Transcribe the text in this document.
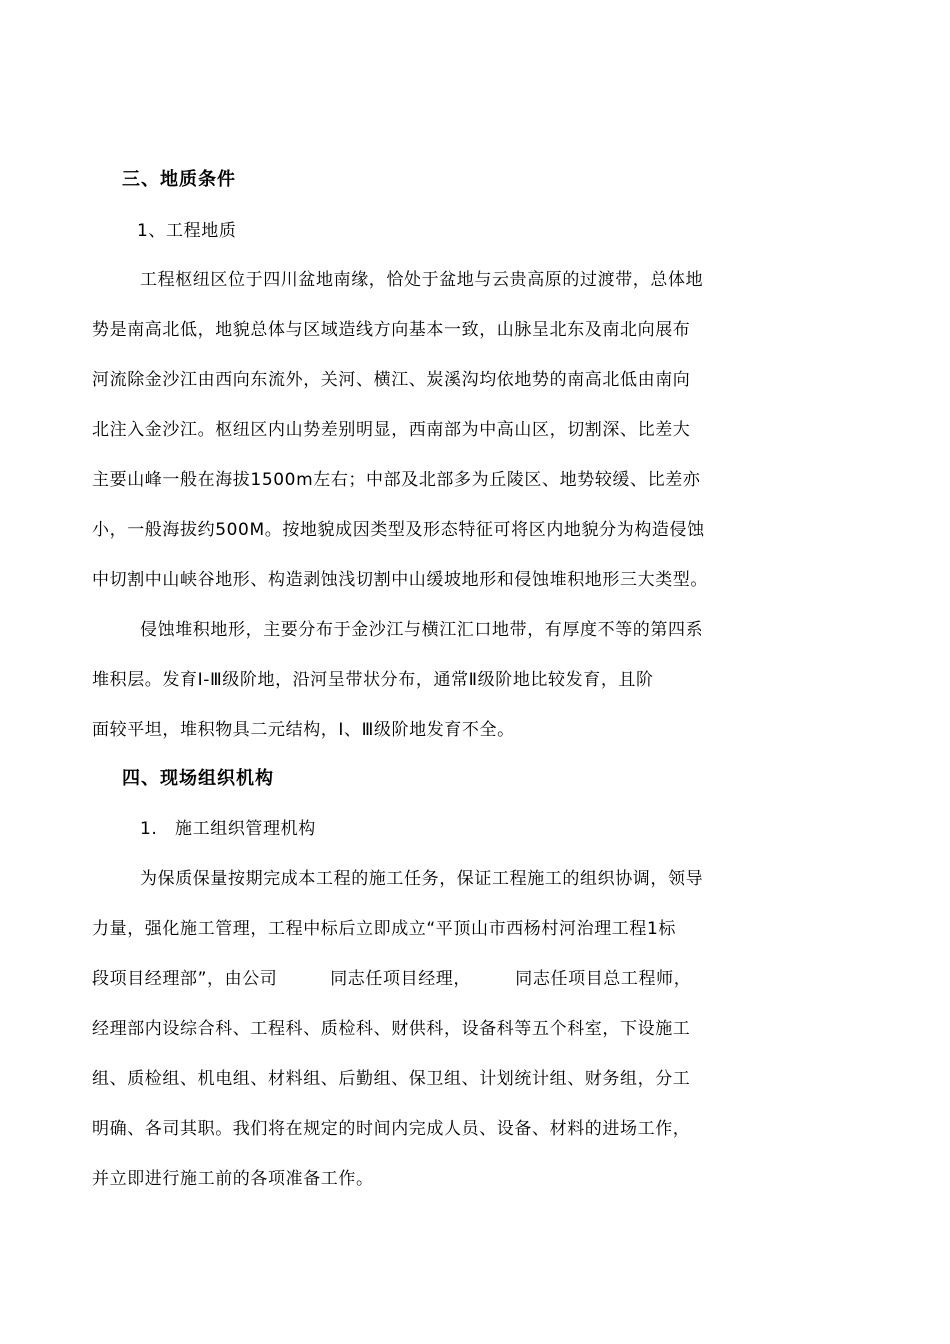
三、地质条件
1、工程地质
工程枢纽区位于四川盆地南缘，恰处于盆地与云贵高原的过渡带，总体地
势是南高北低，地貌总体与区域造线方向基本一致，山脉呈北东及南北向展布
河流除金沙江由西向东流外，关河、横江、炭溪沟均依地势的南高北低由南向
北注入金沙江。枢纽区内山势差别明显，西南部为中高山区，切割深、比差大
主要山峰一般在海拔1500m左右；中部及北部多为丘陵区、地势较缓、比差亦
小，一般海拔约500M。按地貌成因类型及形态特征可将区内地貌分为构造侵蚀
中切割中山峡谷地形、构造剥蚀浅切割中山缓坡地形和侵蚀堆积地形三大类型。
侵蚀堆积地形，主要分布于金沙江与横江汇口地带，有厚度不等的第四系
堆积层。发育Ⅰ-Ⅲ级阶地，沿河呈带状分布，通常Ⅱ级阶地比较发育，且阶
面较平坦，堆积物具二元结构，Ⅰ、Ⅲ级阶地发育不全。
四、现场组织机构
1.　施工组织管理机构
为保质保量按期完成本工程的施工任务，保证工程施工的组织协调，领导
力量，强化施工管理，工程中标后立即成立“平顶山市西杨村河治理工程1标
段项目经理部”，由公司　　　同志任项目经理，　　　同志任项目总工程师，
经理部内设综合科、工程科、质检科、财供科，设备科等五个科室，下设施工
组、质检组、机电组、材料组、后勤组、保卫组、计划统计组、财务组，分工
明确、各司其职。我们将在规定的时间内完成人员、设备、材料的进场工作，
并立即进行施工前的各项准备工作。
